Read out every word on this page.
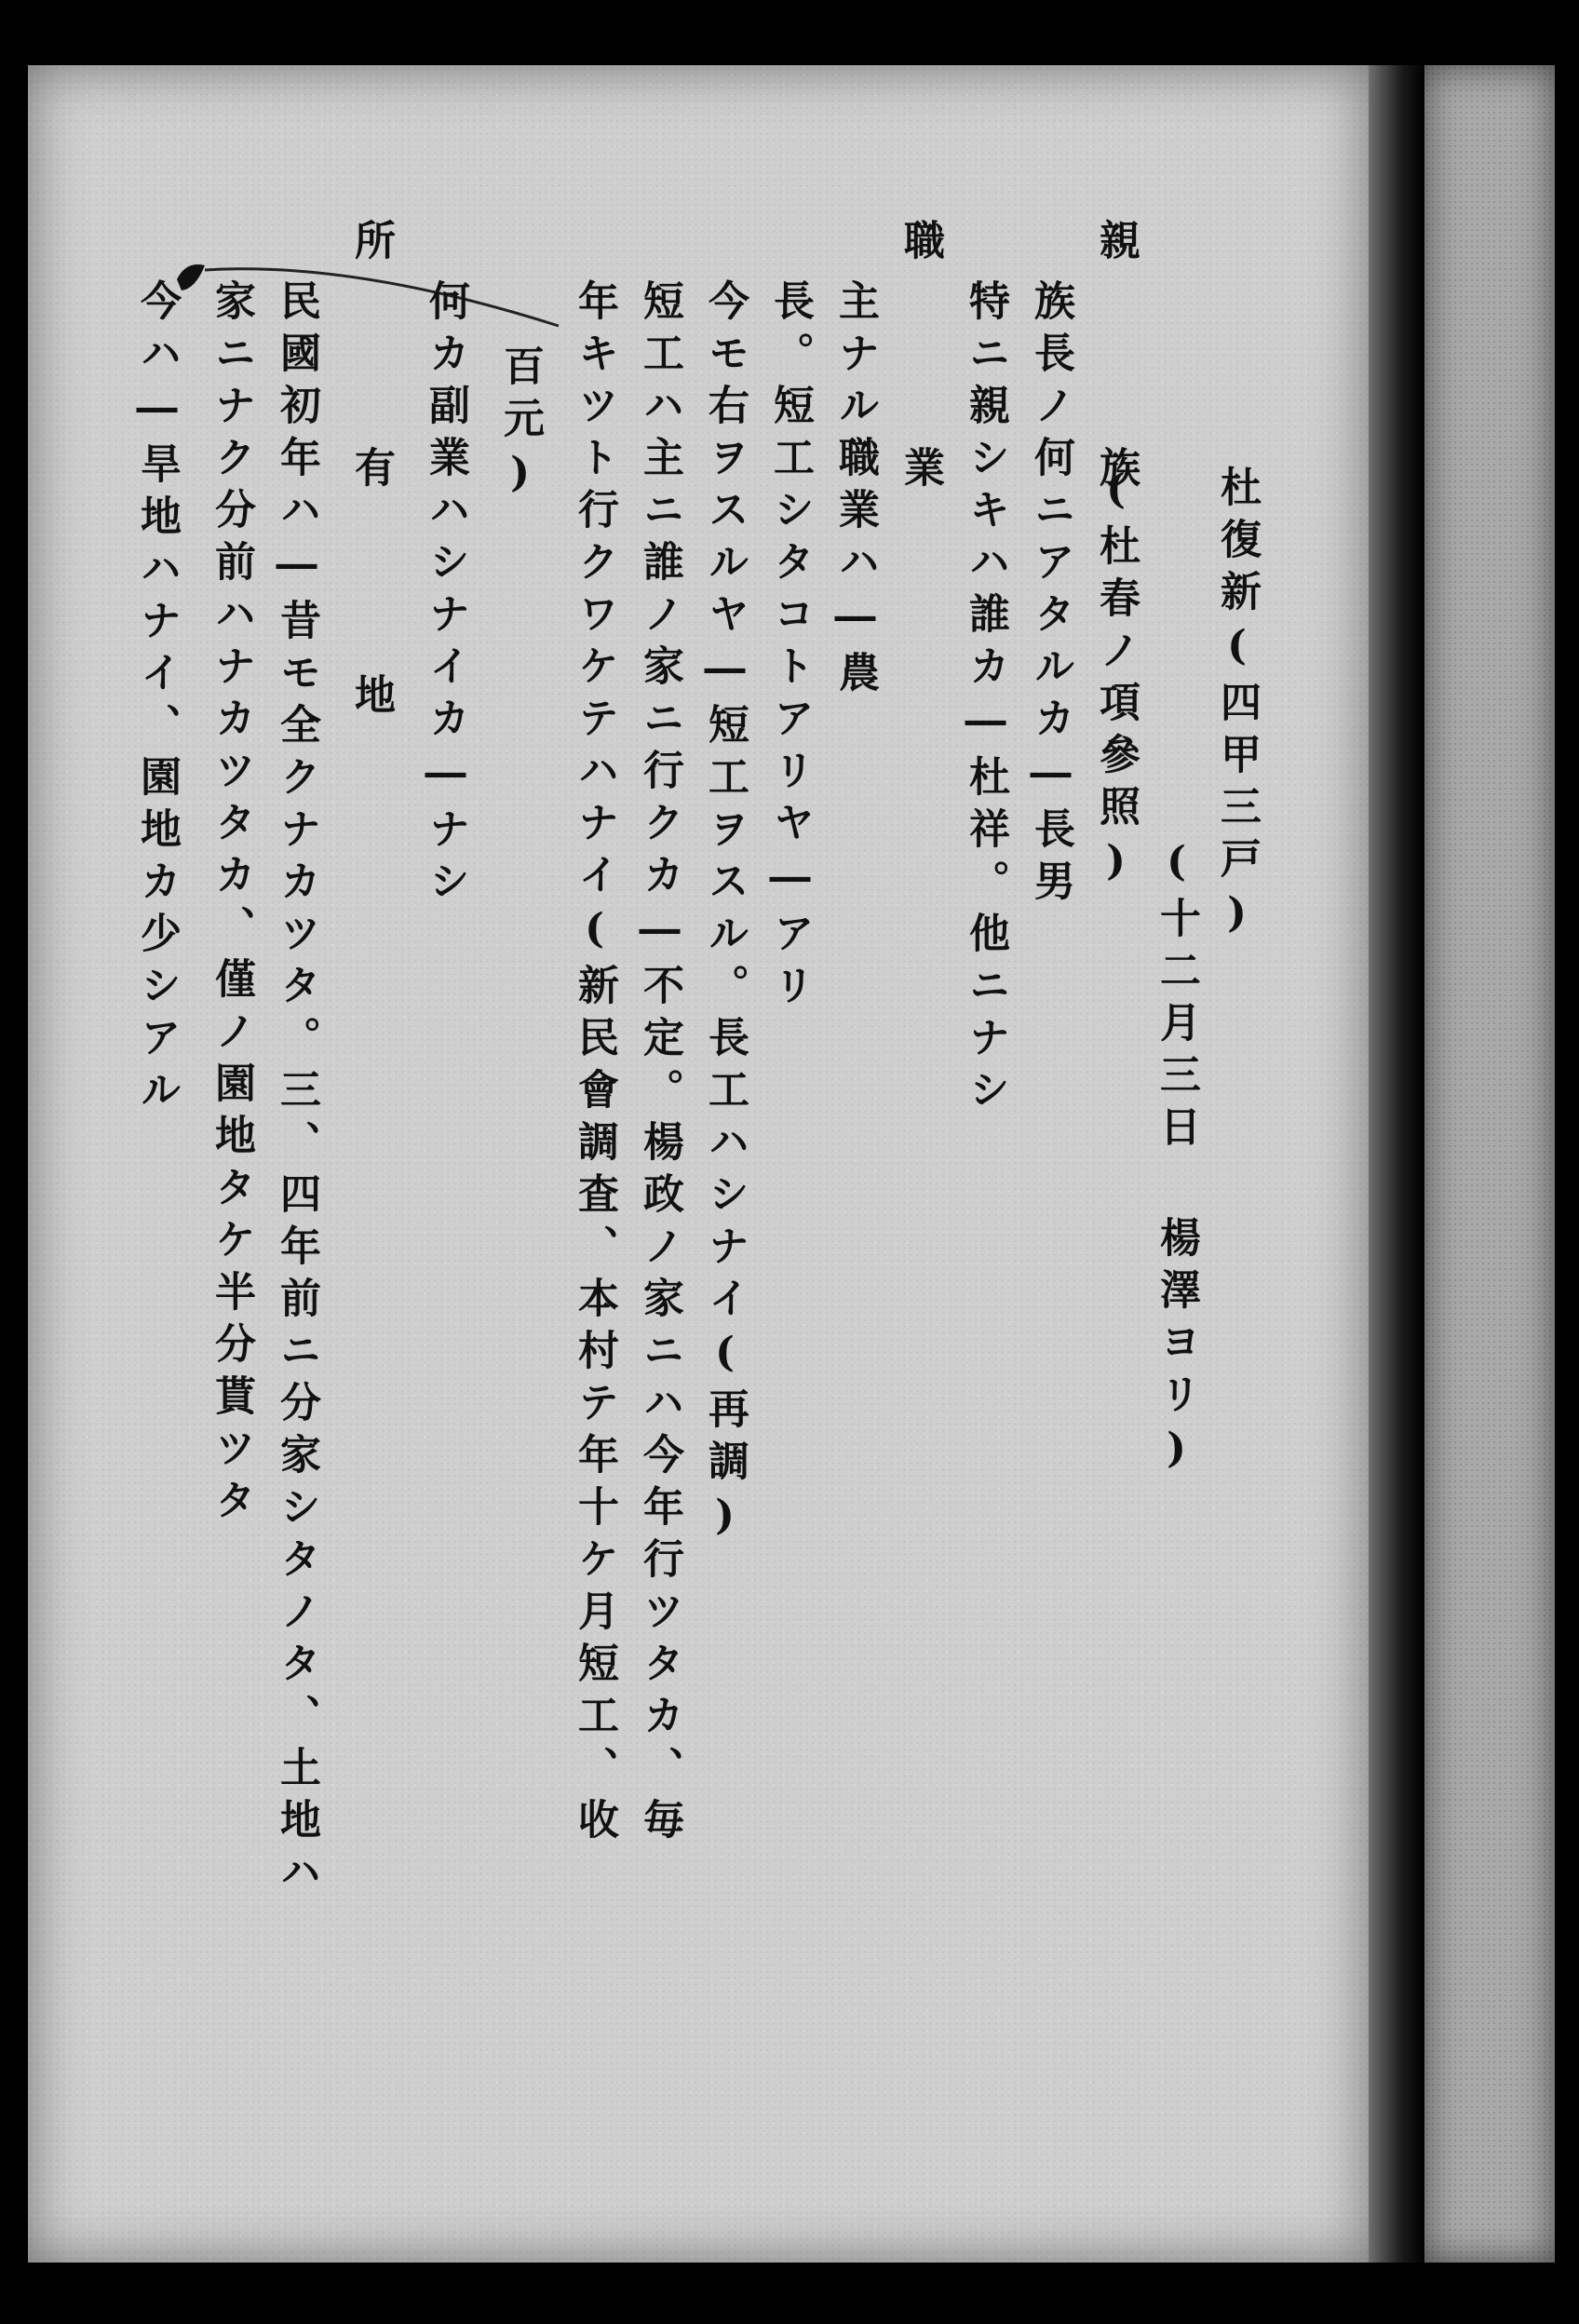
杜復新(四甲三戸)
(十二月三日 楊澤ヨリ)
親　族
族長ノ何ニアタルカ―長男 (杜春ノ項參照)
特ニ親シキハ誰カ―杜祥。他ニナシ
職　業
主ナル職業ハ―農
長。短工シタコトアリヤ―アリ
今モ右ヲスルヤ―短工ヲスル。長工ハシナイ(再調)
短工ハ主ニ誰ノ家ニ行クカ―不定。楊政ノ家ニハ今年行ツタカ、毎
年キツト行クワケテハナイ(新民會調査、本村テ年十ケ月短工、收
百元)
何カ副業ハシナイカ―ナシ
所　有　地
民國初年ハ―昔モ全クナカツタ。三、四年前ニ分家シタノタ、土地ハ
家ニナク分前ハナカツタカ、僅ノ園地タケ半分貰ツタ
今ハ―旱地ハナイ、園地カ少シアル
